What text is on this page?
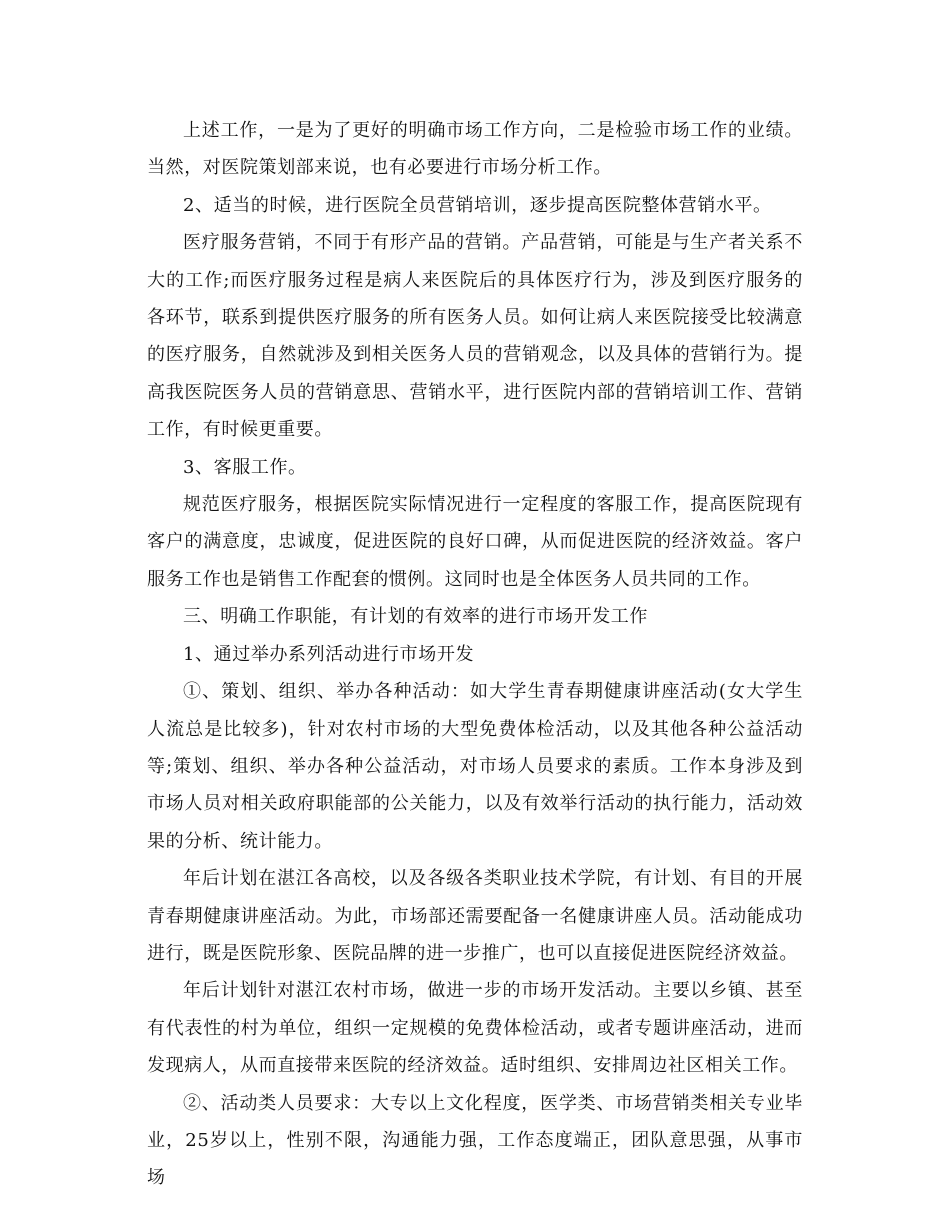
上述工作，一是为了更好的明确市场工作方向，二是检验市场工作的业绩。当然，对医院策划部来说，也有必要进行市场分析工作。

2、适当的时候，进行医院全员营销培训，逐步提高医院整体营销水平。

医疗服务营销，不同于有形产品的营销。产品营销，可能是与生产者关系不大的工作;而医疗服务过程是病人来医院后的具体医疗行为，涉及到医疗服务的各环节，联系到提供医疗服务的所有医务人员。如何让病人来医院接受比较满意的医疗服务，自然就涉及到相关医务人员的营销观念，以及具体的营销行为。提高我医院医务人员的营销意思、营销水平，进行医院内部的营销培训工作、营销工作，有时候更重要。

3、客服工作。

规范医疗服务，根据医院实际情况进行一定程度的客服工作，提高医院现有客户的满意度，忠诚度，促进医院的良好口碑，从而促进医院的经济效益。客户服务工作也是销售工作配套的惯例。这同时也是全体医务人员共同的工作。

三、明确工作职能，有计划的有效率的进行市场开发工作

1、通过举办系列活动进行市场开发

①、策划、组织、举办各种活动：如大学生青春期健康讲座活动(女大学生人流总是比较多)，针对农村市场的大型免费体检活动，以及其他各种公益活动等;策划、组织、举办各种公益活动，对市场人员要求的素质。工作本身涉及到市场人员对相关政府职能部的公关能力，以及有效举行活动的执行能力，活动效果的分析、统计能力。

年后计划在湛江各高校，以及各级各类职业技术学院，有计划、有目的开展青春期健康讲座活动。为此，市场部还需要配备一名健康讲座人员。活动能成功进行，既是医院形象、医院品牌的进一步推广，也可以直接促进医院经济效益。

年后计划针对湛江农村市场，做进一步的市场开发活动。主要以乡镇、甚至有代表性的村为单位，组织一定规模的免费体检活动，或者专题讲座活动，进而发现病人，从而直接带来医院的经济效益。适时组织、安排周边社区相关工作。

②、活动类人员要求：大专以上文化程度，医学类、市场营销类相关专业毕业，25岁以上，性别不限，沟通能力强，工作态度端正，团队意思强，从事市场
